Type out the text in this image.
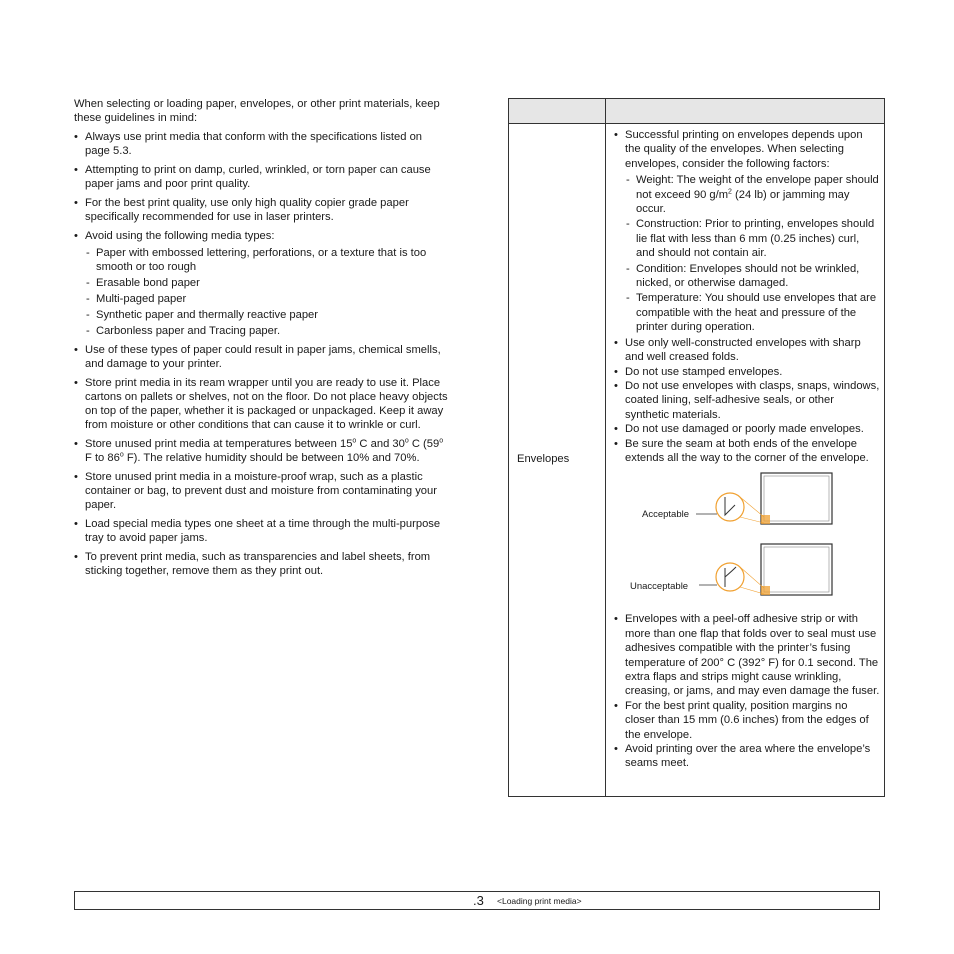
When selecting or loading paper, envelopes, or other print materials, keep these guidelines in mind:

• Always use print media that conform with the specifications listed on page 5.3.
• Attempting to print on damp, curled, wrinkled, or torn paper can cause paper jams and poor print quality.
• For the best print quality, use only high quality copier grade paper specifically recommended for use in laser printers.
• Avoid using the following media types:
- Paper with embossed lettering, perforations, or a texture that is too smooth or too rough
- Erasable bond paper
- Multi-paged paper
- Synthetic paper and thermally reactive paper
- Carbonless paper and Tracing paper.
• Use of these types of paper could result in paper jams, chemical smells, and damage to your printer.
• Store print media in its ream wrapper until you are ready to use it. Place cartons on pallets or shelves, not on the floor. Do not place heavy objects on top of the paper, whether it is packaged or unpackaged. Keep it away from moisture or other conditions that can cause it to wrinkle or curl.
• Store unused print media at temperatures between 15$^o$ C and 30$^o$ C (59$^o$ F to 86$^o$ F). The relative humidity should be between 10% and 70%.
• Store unused print media in a moisture-proof wrap, such as a plastic container or bag, to prevent dust and moisture from contaminating your paper.
• Load special media types one sheet at a time through the multi-purpose tray to avoid paper jams.
• To prevent print media, such as transparencies and label sheets, from sticking together, remove them as they print out.
Envelopes
• Successful printing on envelopes depends upon the quality of the envelopes. When selecting envelopes, consider the following factors:
- Weight: The weight of the envelope paper should not exceed 90 $g/m^2$ (24 lb) or jamming may occur.
- Construction: Prior to printing, envelopes should lie flat with less than 6 mm (0.25 inches) curl, and should not contain air.
- Condition: Envelopes should not be wrinkled, nicked, or otherwise damaged.
- Temperature: You should use envelopes that are compatible with the heat and pressure of the printer during operation.
• Use only well-constructed envelopes with sharp and well creased folds.
• Do not use stamped envelopes.
• Do not use envelopes with clasps, snaps, windows, coated lining, self-adhesive seals, or other synthetic materials.
• Do not use damaged or poorly made envelopes.
• Be sure the seam at both ends of the envelope extends all the way to the corner of the envelope.
Acceptable
Unacceptable
• Envelopes with a peel-off adhesive strip or with more than one flap that folds over to seal must use adhesives compatible with the printer’s fusing temperature of 200° C (392° F) for 0.1 second. The extra flaps and strips might cause wrinkling, creasing, or jams, and may even damage the fuser.
• For the best print quality, position margins no closer than 15 mm (0.6 inches) from the edges of the envelope.
• Avoid printing over the area where the envelope’s seams meet.
.3 <Loading print media>
